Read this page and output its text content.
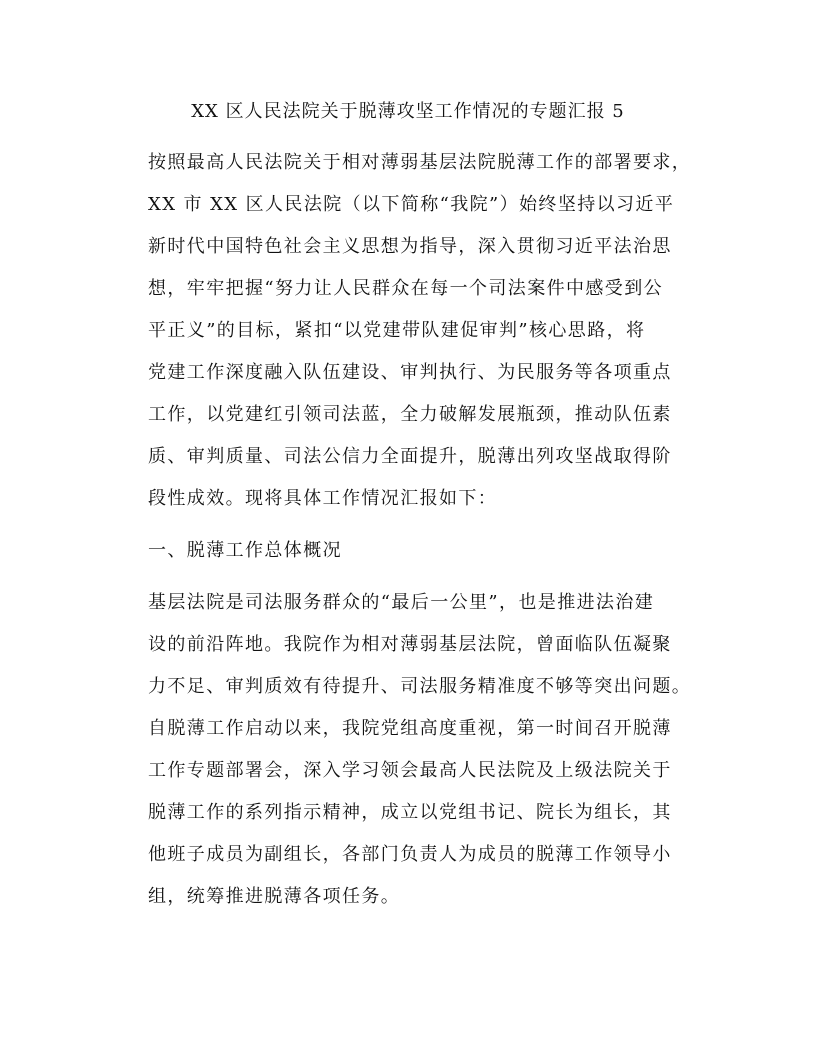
XX 区人民法院关于脱薄攻坚工作情况的专题汇报 5
按照最高人民法院关于相对薄弱基层法院脱薄工作的部署要求，
XX 市 XX 区人民法院（以下简称“我院”）始终坚持以习近平
新时代中国特色社会主义思想为指导，深入贯彻习近平法治思
想，牢牢把握“努力让人民群众在每一个司法案件中感受到公
平正义”的目标，紧扣“以党建带队建促审判”核心思路，将
党建工作深度融入队伍建设、审判执行、为民服务等各项重点
工作，以党建红引领司法蓝，全力破解发展瓶颈，推动队伍素
质、审判质量、司法公信力全面提升，脱薄出列攻坚战取得阶
段性成效。现将具体工作情况汇报如下：
一、脱薄工作总体概况
基层法院是司法服务群众的“最后一公里”，也是推进法治建
设的前沿阵地。我院作为相对薄弱基层法院，曾面临队伍凝聚
力不足、审判质效有待提升、司法服务精准度不够等突出问题。
自脱薄工作启动以来，我院党组高度重视，第一时间召开脱薄
工作专题部署会，深入学习领会最高人民法院及上级法院关于
脱薄工作的系列指示精神，成立以党组书记、院长为组长，其
他班子成员为副组长，各部门负责人为成员的脱薄工作领导小
组，统筹推进脱薄各项任务。
